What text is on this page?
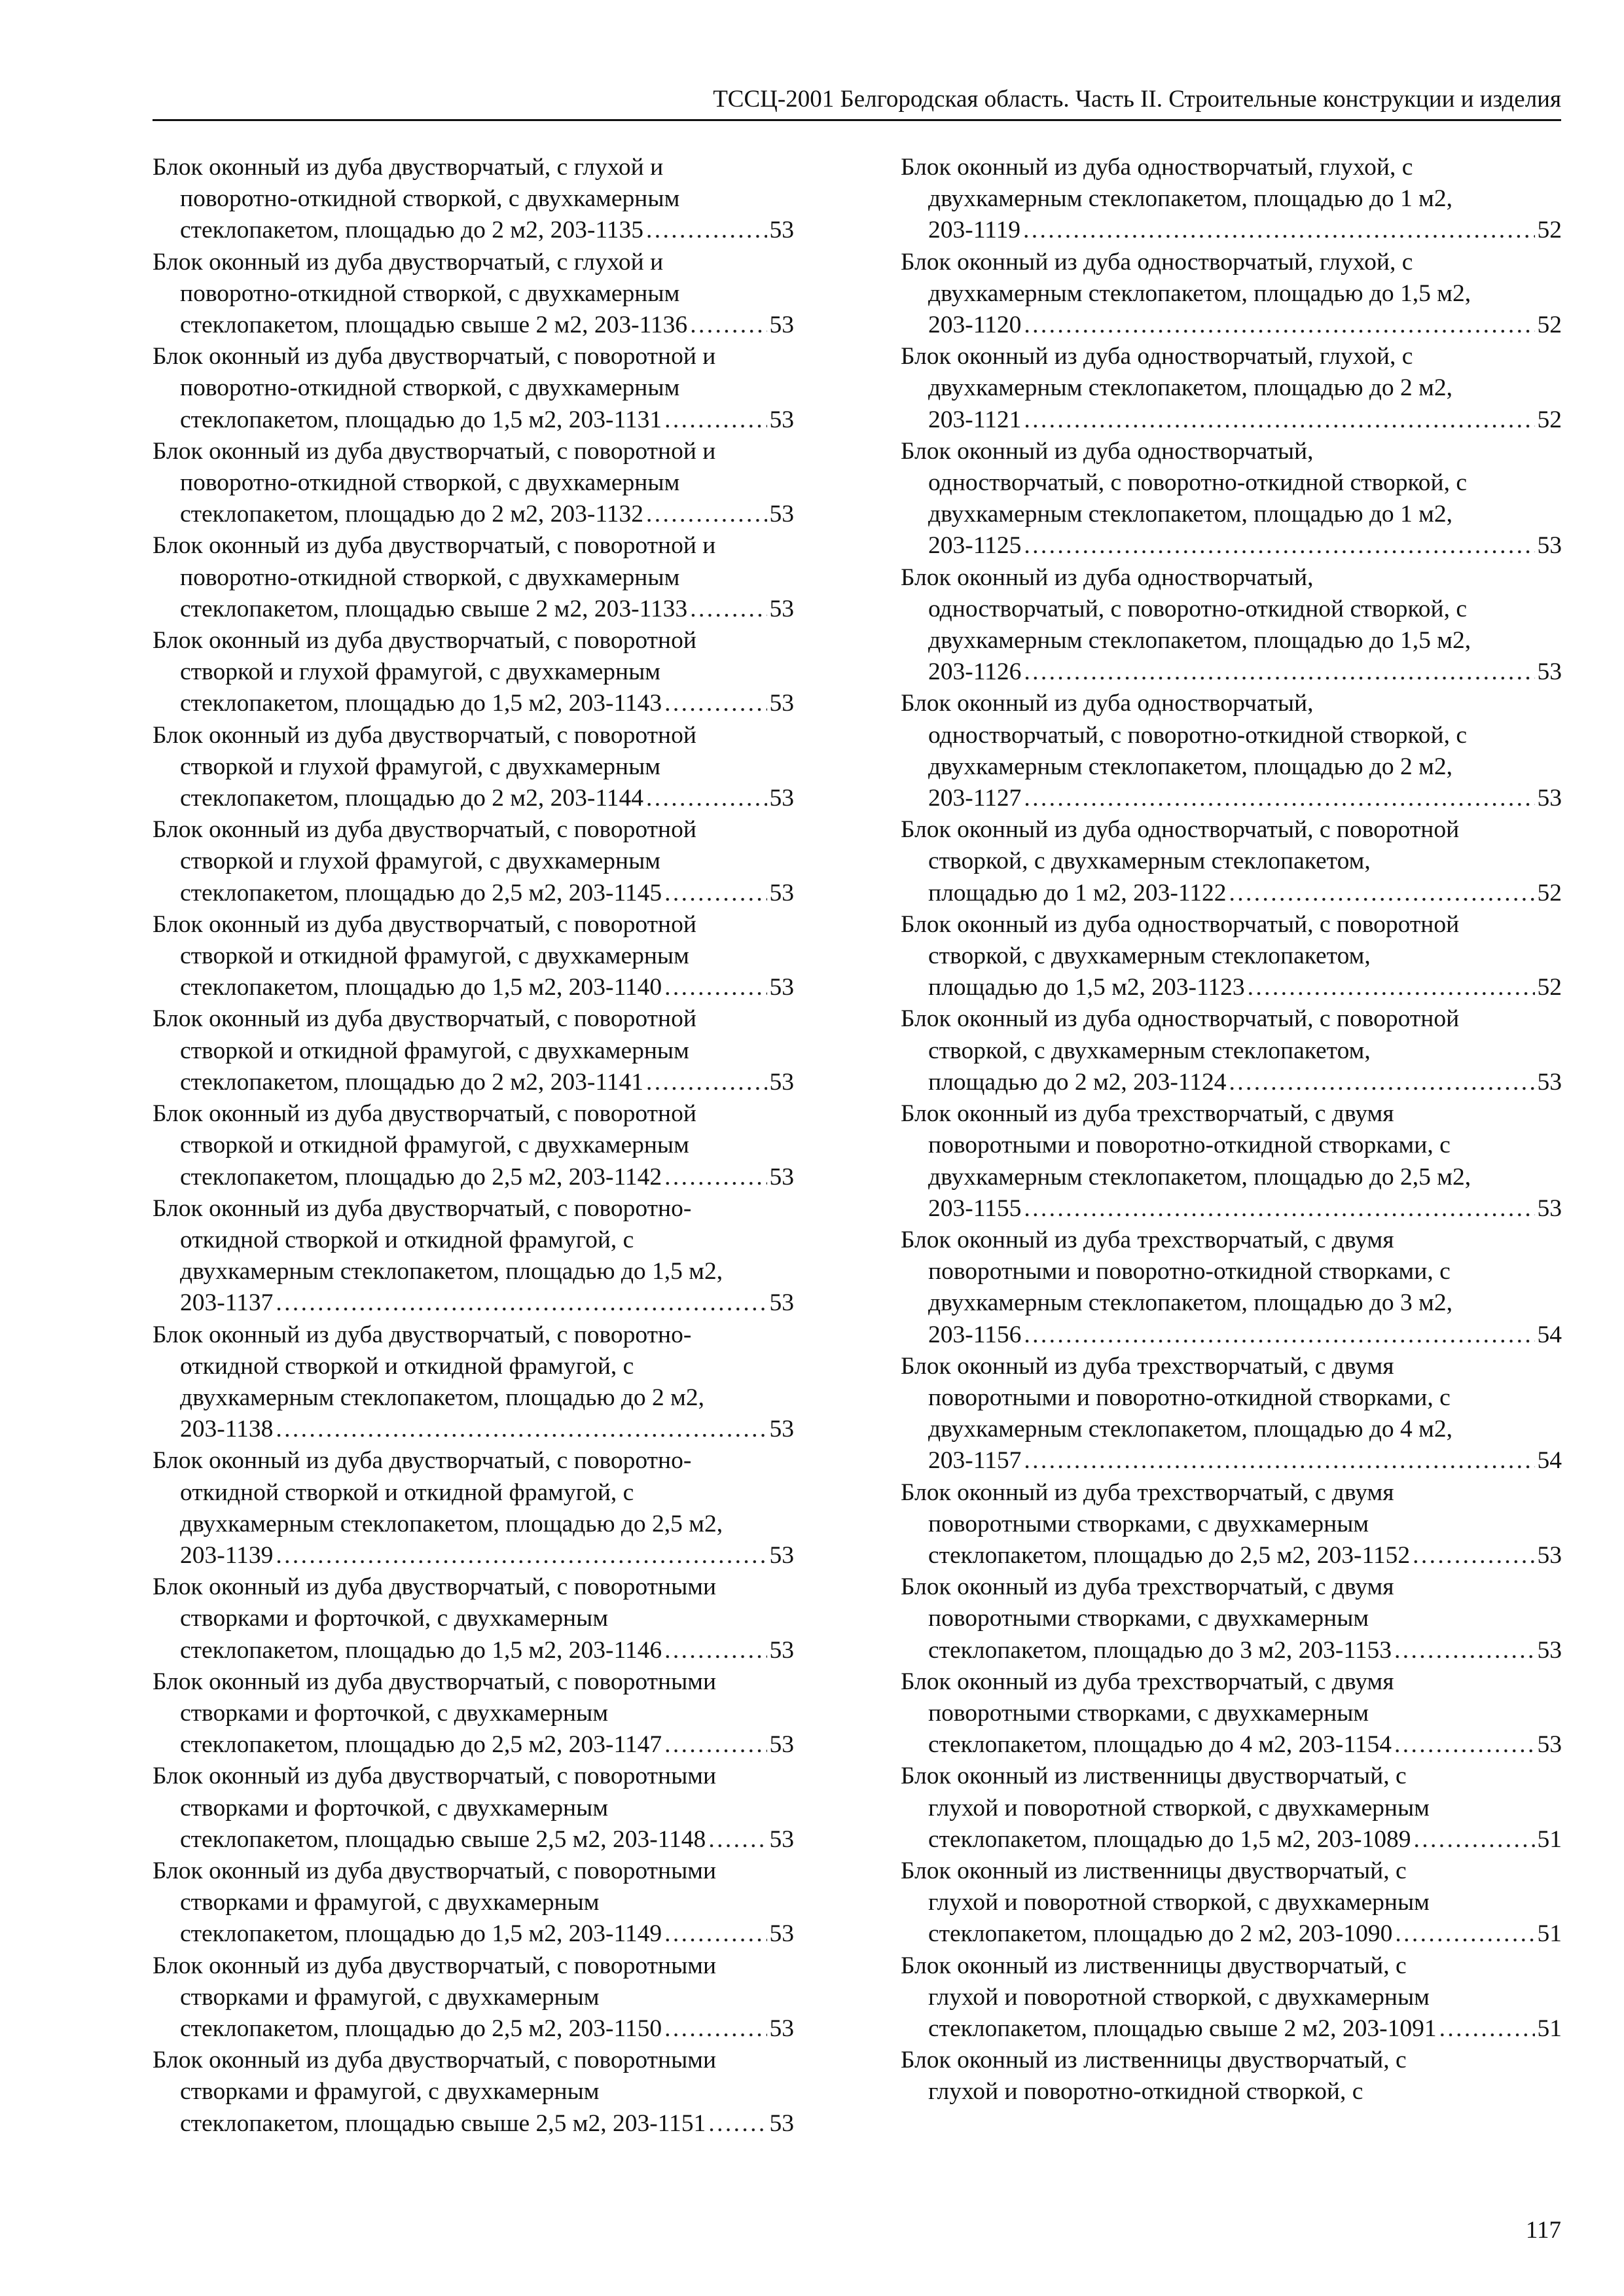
ТССЦ-2001 Белгородская область. Часть II. Строительные конструкции и изделия
Блок оконный из дуба двустворчатый, с глухой и
поворотно-откидной створкой, с двухкамерным
стеклопакетом, площадью до 2 м2, 203-1135 . . .	53
Блок оконный из дуба двустворчатый, с глухой и
поворотно-откидной створкой, с двухкамерным
стеклопакетом, площадью свыше 2 м2, 203-1136 . . .	53
Блок оконный из дуба двустворчатый, с поворотной и
поворотно-откидной створкой, с двухкамерным
стеклопакетом, площадью до 1,5 м2, 203-1131 . . .	53
Блок оконный из дуба двустворчатый, с поворотной и
поворотно-откидной створкой, с двухкамерным
стеклопакетом, площадью до 2 м2, 203-1132 . . .	53
Блок оконный из дуба двустворчатый, с поворотной и
поворотно-откидной створкой, с двухкамерным
стеклопакетом, площадью свыше 2 м2, 203-1133 . . .	53
Блок оконный из дуба двустворчатый, с поворотной
створкой и глухой фрамугой, с двухкамерным
стеклопакетом, площадью до 1,5 м2, 203-1143 . . .	53
Блок оконный из дуба двустворчатый, с поворотной
створкой и глухой фрамугой, с двухкамерным
стеклопакетом, площадью до 2 м2, 203-1144 . . .	53
Блок оконный из дуба двустворчатый, с поворотной
створкой и глухой фрамугой, с двухкамерным
стеклопакетом, площадью до 2,5 м2, 203-1145 . . .	53
Блок оконный из дуба двустворчатый, с поворотной
створкой и откидной фрамугой, с двухкамерным
стеклопакетом, площадью до 1,5 м2, 203-1140 . . .	53
Блок оконный из дуба двустворчатый, с поворотной
створкой и откидной фрамугой, с двухкамерным
стеклопакетом, площадью до 2 м2, 203-1141 . . .	53
Блок оконный из дуба двустворчатый, с поворотной
створкой и откидной фрамугой, с двухкамерным
стеклопакетом, площадью до 2,5 м2, 203-1142 . . .	53
Блок оконный из дуба двустворчатый, с поворотно-
откидной створкой и откидной фрамугой, с
двухкамерным стеклопакетом, площадью до 1,5 м2,
203-1137 . . .	53
Блок оконный из дуба двустворчатый, с поворотно-
откидной створкой и откидной фрамугой, с
двухкамерным стеклопакетом, площадью до 2 м2,
203-1138 . . .	53
Блок оконный из дуба двустворчатый, с поворотно-
откидной створкой и откидной фрамугой, с
двухкамерным стеклопакетом, площадью до 2,5 м2,
203-1139 . . .	53
Блок оконный из дуба двустворчатый, с поворотными
створками и форточкой, с двухкамерным
стеклопакетом, площадью до 1,5 м2, 203-1146 . . .	53
Блок оконный из дуба двустворчатый, с поворотными
створками и форточкой, с двухкамерным
стеклопакетом, площадью до 2,5 м2, 203-1147 . . .	53
Блок оконный из дуба двустворчатый, с поворотными
створками и форточкой, с двухкамерным
стеклопакетом, площадью свыше 2,5 м2, 203-1148 . . .	53
Блок оконный из дуба двустворчатый, с поворотными
створками и фрамугой, с двухкамерным
стеклопакетом, площадью до 1,5 м2, 203-1149 . . .	53
Блок оконный из дуба двустворчатый, с поворотными
створками и фрамугой, с двухкамерным
стеклопакетом, площадью до 2,5 м2, 203-1150 . . .	53
Блок оконный из дуба двустворчатый, с поворотными
створками и фрамугой, с двухкамерным
стеклопакетом, площадью свыше 2,5 м2, 203-1151 . . .	53
Блок оконный из дуба одностворчатый, глухой, с
двухкамерным стеклопакетом, площадью до 1 м2,
203-1119 . . .	52
Блок оконный из дуба одностворчатый, глухой, с
двухкамерным стеклопакетом, площадью до 1,5 м2,
203-1120 . . .	52
Блок оконный из дуба одностворчатый, глухой, с
двухкамерным стеклопакетом, площадью до 2 м2,
203-1121 . . .	52
Блок оконный из дуба одностворчатый,
одностворчатый, с поворотно-откидной створкой, с
двухкамерным стеклопакетом, площадью до 1 м2,
203-1125 . . .	53
Блок оконный из дуба одностворчатый,
одностворчатый, с поворотно-откидной створкой, с
двухкамерным стеклопакетом, площадью до 1,5 м2,
203-1126 . . .	53
Блок оконный из дуба одностворчатый,
одностворчатый, с поворотно-откидной створкой, с
двухкамерным стеклопакетом, площадью до 2 м2,
203-1127 . . .	53
Блок оконный из дуба одностворчатый, с поворотной
створкой, с двухкамерным стеклопакетом,
площадью до 1 м2, 203-1122 . . .	52
Блок оконный из дуба одностворчатый, с поворотной
створкой, с двухкамерным стеклопакетом,
площадью до 1,5 м2, 203-1123 . . .	52
Блок оконный из дуба одностворчатый, с поворотной
створкой, с двухкамерным стеклопакетом,
площадью до 2 м2, 203-1124 . . .	53
Блок оконный из дуба трехстворчатый, с двумя
поворотными и поворотно-откидной створками, с
двухкамерным стеклопакетом, площадью до 2,5 м2,
203-1155 . . .	53
Блок оконный из дуба трехстворчатый, с двумя
поворотными и поворотно-откидной створками, с
двухкамерным стеклопакетом, площадью до 3 м2,
203-1156 . . .	54
Блок оконный из дуба трехстворчатый, с двумя
поворотными и поворотно-откидной створками, с
двухкамерным стеклопакетом, площадью до 4 м2,
203-1157 . . .	54
Блок оконный из дуба трехстворчатый, с двумя
поворотными створками, с двухкамерным
стеклопакетом, площадью до 2,5 м2, 203-1152 . . .	53
Блок оконный из дуба трехстворчатый, с двумя
поворотными створками, с двухкамерным
стеклопакетом, площадью до 3 м2, 203-1153 . . .	53
Блок оконный из дуба трехстворчатый, с двумя
поворотными створками, с двухкамерным
стеклопакетом, площадью до 4 м2, 203-1154 . . .	53
Блок оконный из лиственницы двустворчатый, с
глухой и поворотной створкой, с двухкамерным
стеклопакетом, площадью до 1,5 м2, 203-1089 . . .	51
Блок оконный из лиственницы двустворчатый, с
глухой и поворотной створкой, с двухкамерным
стеклопакетом, площадью до 2 м2, 203-1090 . . .	51
Блок оконный из лиственницы двустворчатый, с
глухой и поворотной створкой, с двухкамерным
стеклопакетом, площадью свыше 2 м2, 203-1091 . . .	51
Блок оконный из лиственницы двустворчатый, с
глухой и поворотно-откидной створкой, с
117
